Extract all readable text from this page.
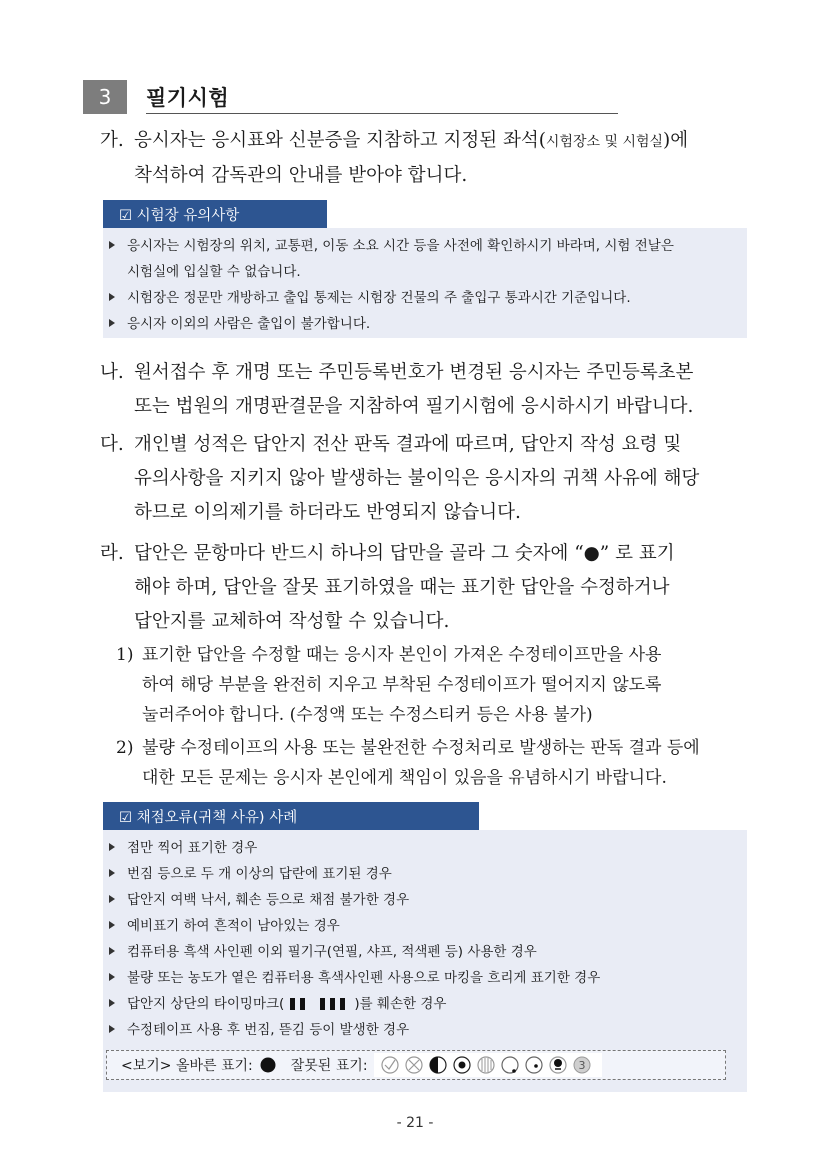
3	필기시험
가. 응시자는 응시표와 신분증을 지참하고 지정된 좌석(시험장소 및 시험실)에
착석하여 감독관의 안내를 받아야 합니다.
☑ 시험장 유의사항
응시자는 시험장의 위치, 교통편, 이동 소요 시간 등을 사전에 확인하시기 바라며, 시험 전날은
시험실에 입실할 수 없습니다.
시험장은 정문만 개방하고 출입 통제는 시험장 건물의 주 출입구 통과시간 기준입니다.
응시자 이외의 사람은 출입이 불가합니다.
나. 원서접수 후 개명 또는 주민등록번호가 변경된 응시자는 주민등록초본
또는 법원의 개명판결문을 지참하여 필기시험에 응시하시기 바랍니다.
다. 개인별 성적은 답안지 전산 판독 결과에 따르며, 답안지 작성 요령 및
유의사항을 지키지 않아 발생하는 불이익은 응시자의 귀책 사유에 해당
하므로 이의제기를 하더라도 반영되지 않습니다.
라. 답안은 문항마다 반드시 하나의 답만을 골라 그 숫자에 “●” 로 표기
해야 하며, 답안을 잘못 표기하였을 때는 표기한 답안을 수정하거나
답안지를 교체하여 작성할 수 있습니다.
1) 표기한 답안을 수정할 때는 응시자 본인이 가져온 수정테이프만을 사용
하여 해당 부분을 완전히 지우고 부착된 수정테이프가 떨어지지 않도록
눌러주어야 합니다. (수정액 또는 수정스티커 등은 사용 불가)
2) 불량 수정테이프의 사용 또는 불완전한 수정처리로 발생하는 판독 결과 등에
대한 모든 문제는 응시자 본인에게 책임이 있음을 유념하시기 바랍니다.
☑ 채점오류(귀책 사유) 사례
점만 찍어 표기한 경우
번짐 등으로 두 개 이상의 답란에 표기된 경우
답안지 여백 낙서, 훼손 등으로 채점 불가한 경우
예비표기 하여 흔적이 남아있는 경우
컴퓨터용 흑색 사인펜 이외 필기구(연필, 샤프, 적색펜 등) 사용한 경우
불량 또는 농도가 옅은 컴퓨터용 흑색사인펜 사용으로 마킹을 흐리게 표기한 경우
답안지 상단의 타이밍마크(	)를 훼손한 경우
수정테이프 사용 후 번짐, 뜯김 등이 발생한 경우
<보기> 올바른 표기:	잘못된 표기:	3
- 21 -
